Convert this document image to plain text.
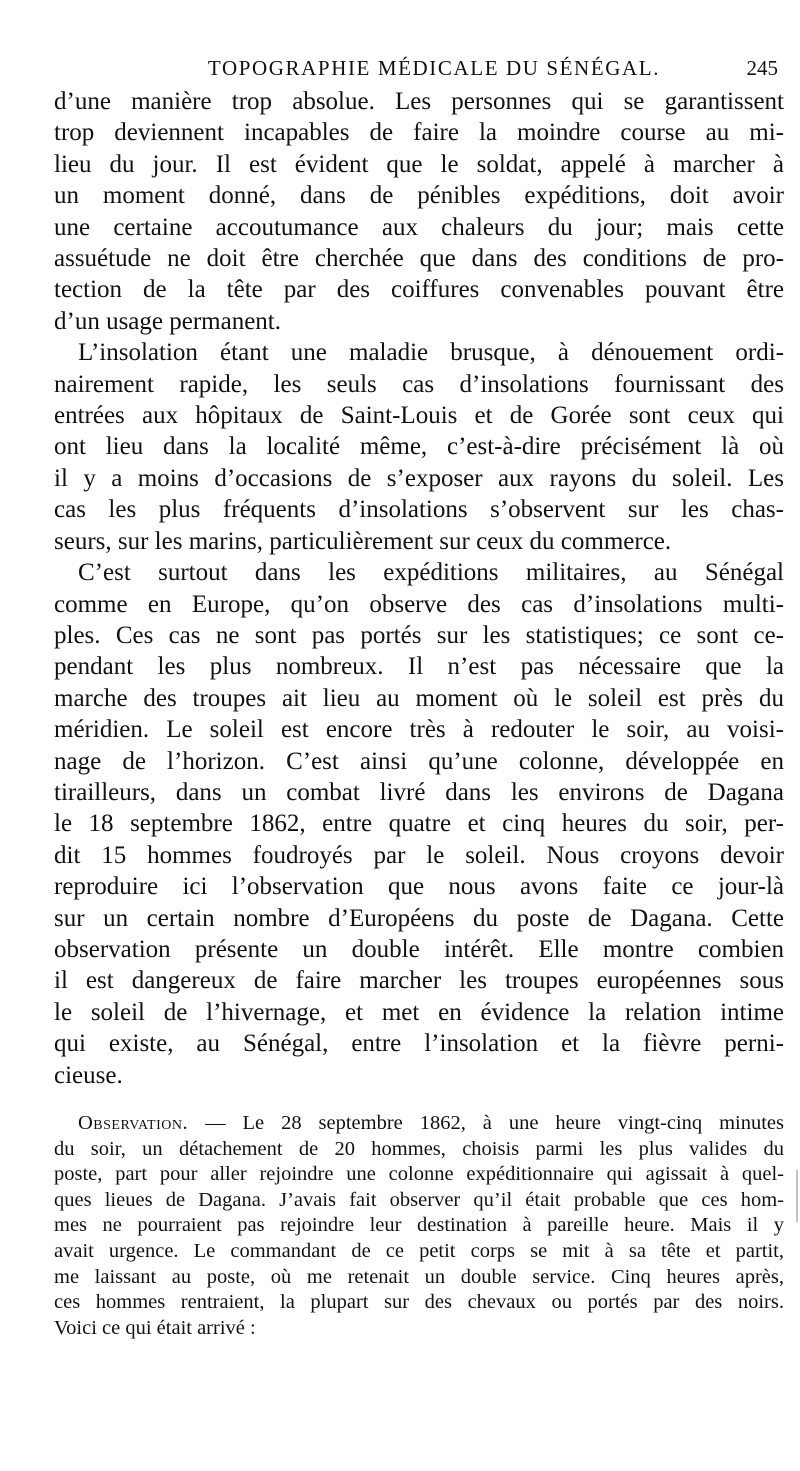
TOPOGRAPHIE MÉDICALE DU SÉNÉGAL.	245

d’une manière trop absolue. Les personnes qui se garantissent
trop deviennent incapables de faire la moindre course au mi-
lieu du jour. Il est évident que le soldat, appelé à marcher à
un moment donné, dans de pénibles expéditions, doit avoir
une certaine accoutumance aux chaleurs du jour; mais cette
assuétude ne doit être cherchée que dans des conditions de pro-
tection de la tête par des coiffures convenables pouvant être
d’un usage permanent.

L’insolation étant une maladie brusque, à dénouement ordi-
nairement rapide, les seuls cas d’insolations fournissant des
entrées aux hôpitaux de Saint-Louis et de Gorée sont ceux qui
ont lieu dans la localité même, c’est-à-dire précisément là où
il y a moins d’occasions de s’exposer aux rayons du soleil. Les
cas les plus fréquents d’insolations s’observent sur les chas-
seurs, sur les marins, particulièrement sur ceux du commerce.

C’est surtout dans les expéditions militaires, au Sénégal
comme en Europe, qu’on observe des cas d’insolations multi-
ples. Ces cas ne sont pas portés sur les statistiques; ce sont ce-
pendant les plus nombreux. Il n’est pas nécessaire que la
marche des troupes ait lieu au moment où le soleil est près du
méridien. Le soleil est encore très à redouter le soir, au voisi-
nage de l’horizon. C’est ainsi qu’une colonne, développée en
tirailleurs, dans un combat livré dans les environs de Dagana
le 18 septembre 1862, entre quatre et cinq heures du soir, per-
dit 15 hommes foudroyés par le soleil. Nous croyons devoir
reproduire ici l’observation que nous avons faite ce jour-là
sur un certain nombre d’Européens du poste de Dagana. Cette
observation présente un double intérêt. Elle montre combien
il est dangereux de faire marcher les troupes européennes sous
le soleil de l’hivernage, et met en évidence la relation intime
qui existe, au Sénégal, entre l’insolation et la fièvre perni-
cieuse.

Observation. — Le 28 septembre 1862, à une heure vingt-cinq minutes
du soir, un détachement de 20 hommes, choisis parmi les plus valides du
poste, part pour aller rejoindre une colonne expéditionnaire qui agissait à quel-
ques lieues de Dagana. J’avais fait observer qu’il était probable que ces hom-
mes ne pourraient pas rejoindre leur destination à pareille heure. Mais il y
avait urgence. Le commandant de ce petit corps se mit à sa tête et partit,
me laissant au poste, où me retenait un double service. Cinq heures après,
ces hommes rentraient, la plupart sur des chevaux ou portés par des noirs.
Voici ce qui était arrivé :
